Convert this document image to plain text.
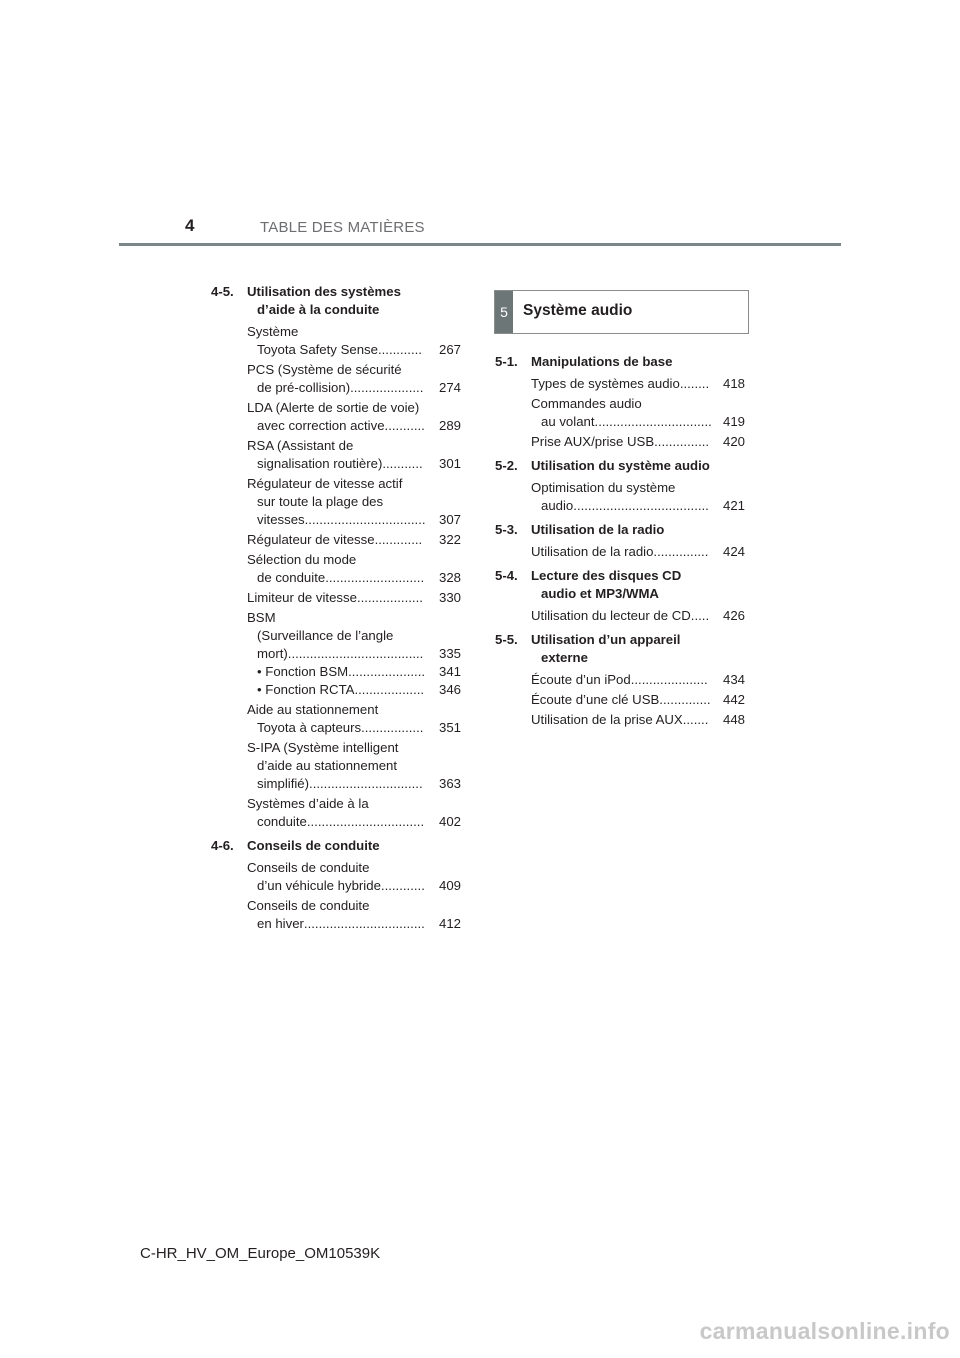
4	TABLE DES MATIÈRES
4-5. Utilisation des systèmes
d’aide à la conduite
Système
Toyota Safety Sense ............	267
PCS (Système de sécurité
de pré-collision) ....................	274
LDA (Alerte de sortie de voie)
avec correction active ...........	289
RSA (Assistant de
signalisation routière) ...........	301
Régulateur de vitesse actif
sur toute la plage des
vitesses .................................	307
Régulateur de vitesse .............	322
Sélection du mode
de conduite ...........................	328
Limiteur de vitesse ..................	330
BSM
(Surveillance de l’angle
mort) .....................................	335
• Fonction BSM .....................	341
• Fonction RCTA ...................	346
Aide au stationnement
Toyota à capteurs .................	351
S-IPA (Système intelligent
d’aide au stationnement
simplifié) ...............................	363
Systèmes d’aide à la
conduite ................................	402
4-6. Conseils de conduite
Conseils de conduite
d’un véhicule hybride ............	409
Conseils de conduite
en hiver .................................	412
5 Système audio
5-1. Manipulations de base
Types de systèmes audio ........	418
Commandes audio
au volant ................................ 419
Prise AUX/prise USB ...............	420
5-2. Utilisation du système audio
Optimisation du système
audio .....................................	421
5-3. Utilisation de la radio
Utilisation de la radio ...............	424
5-4. Lecture des disques CD
audio et MP3/WMA
Utilisation du lecteur de CD .....	426
5-5. Utilisation d’un appareil
externe
Écoute d’un iPod .....................	434
Écoute d’une clé USB .............. 442
Utilisation de la prise AUX .......	448
C-HR_HV_OM_Europe_OM10539K
carmanualsonline.info
